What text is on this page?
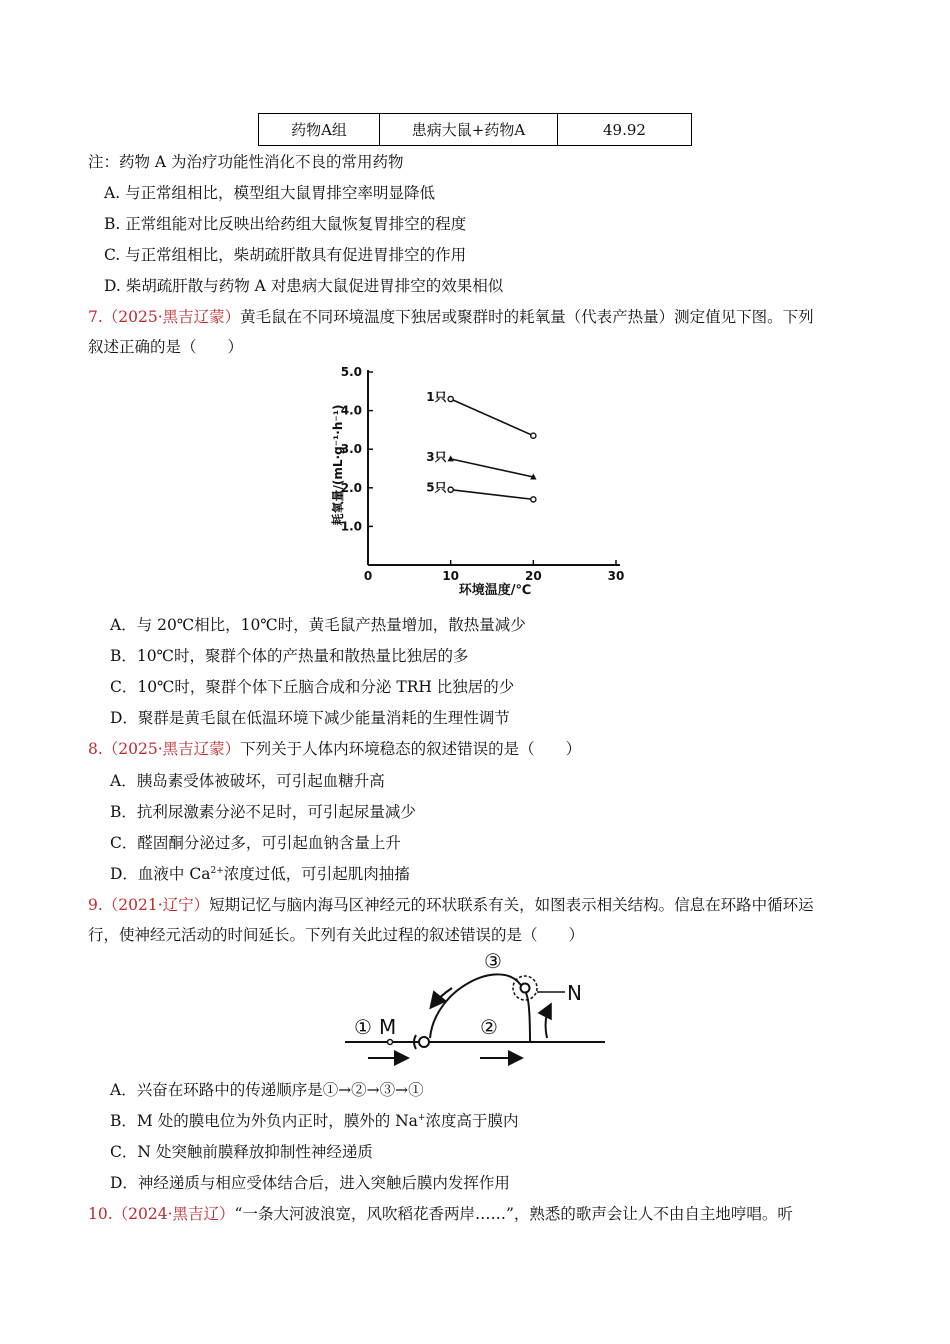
药物A组	患病大鼠+药物A	49.92
注：药物 A 为治疗功能性消化不良的常用药物
A. 与正常组相比，模型组大鼠胃排空率明显降低
B. 正常组能对比反映出给药组大鼠恢复胃排空的程度
C. 与正常组相比，柴胡疏肝散具有促进胃排空的作用
D. 柴胡疏肝散与药物 A 对患病大鼠促进胃排空的效果相似
7.（2025·黑吉辽蒙）黄毛鼠在不同环境温度下独居或聚群时的耗氧量（代表产热量）测定值见下图。下列
叙述正确的是（　　）
1.0
2.0
3.0
4.0
5.0
0	10	20	30
1只
3只
5只
环境温度/℃
耗氧量/(mL·g⁻¹·h⁻¹)
A．与 20℃相比，10℃时，黄毛鼠产热量增加，散热量减少
B．10℃时，聚群个体的产热量和散热量比独居的多
C．10℃时，聚群个体下丘脑合成和分泌 TRH 比独居的少
D．聚群是黄毛鼠在低温环境下减少能量消耗的生理性调节
8.（2025·黑吉辽蒙）下列关于人体内环境稳态的叙述错误的是（　　）
A．胰岛素受体被破坏，可引起血糖升高
B．抗利尿激素分泌不足时，可引起尿量减少
C．醛固酮分泌过多，可引起血钠含量上升
D．血液中 $Ca^{2+}$浓度过低，可引起肌肉抽搐
9.（2021·辽宁）短期记忆与脑内海马区神经元的环状联系有关，如图表示相关结构。信息在环路中循环运
行，使神经元活动的时间延长。下列有关此过程的叙述错误的是（　　）
① M	②
③
N
A．兴奋在环路中的传递顺序是①→②→③→①
B．M 处的膜电位为外负内正时，膜外的 Na+浓度高于膜内
C．N 处突触前膜释放抑制性神经递质
D．神经递质与相应受体结合后，进入突触后膜内发挥作用
10.（2024·黑吉辽）“一条大河波浪宽，风吹稻花香两岸……”，熟悉的歌声会让人不由自主地哼唱。听
